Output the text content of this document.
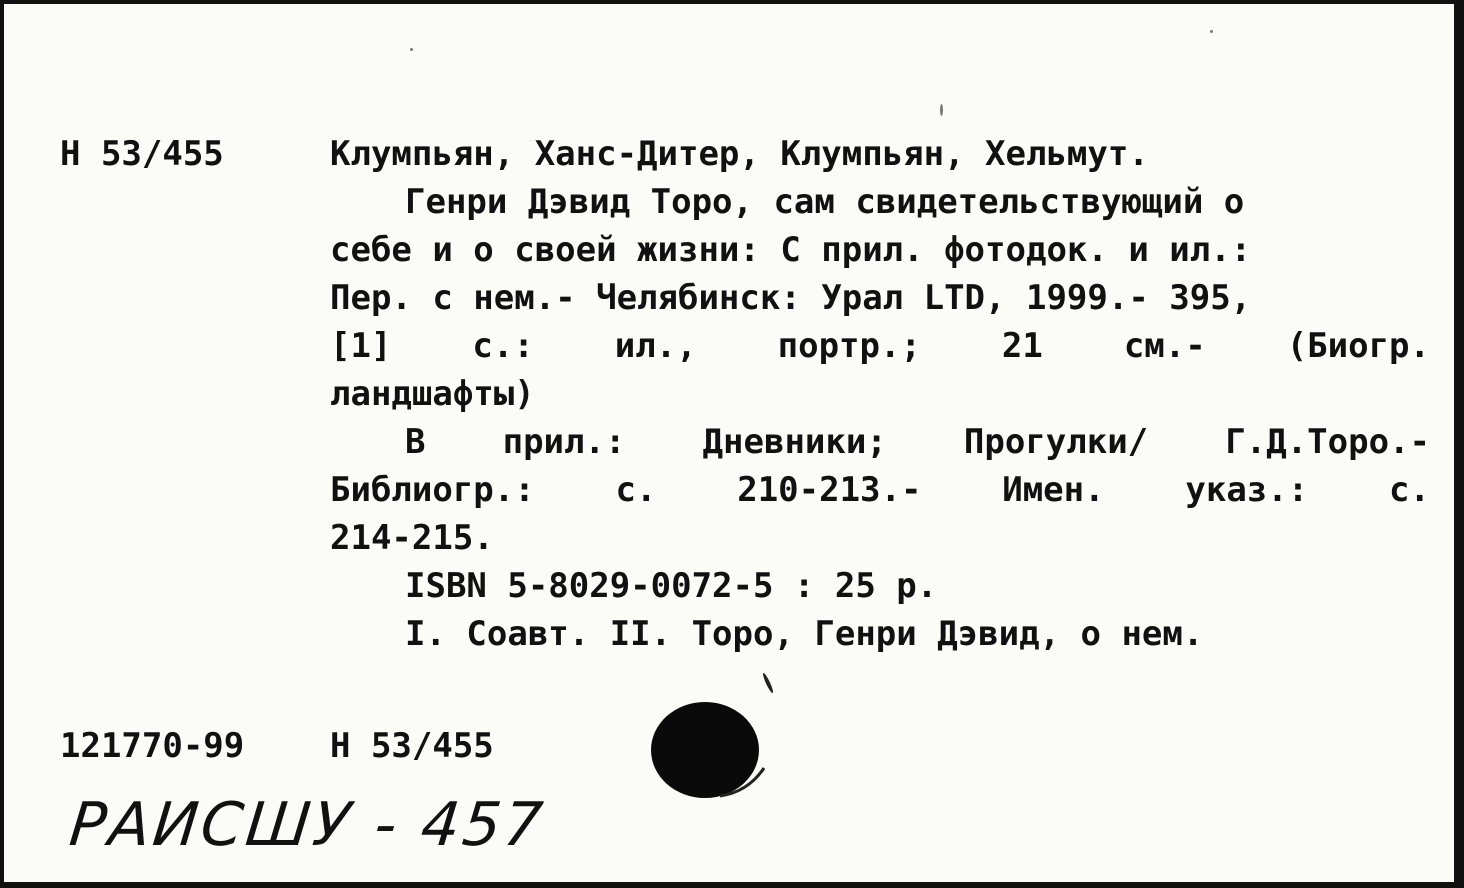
Н 53/455	Клумпьян, Ханс-Дитер, Клумпьян, Хельмут.
Генри Дэвид Торо, сам свидетельствующий о
себе и о своей жизни: С прил. фотодок. и ил.:
Пер. с нем.- Челябинск: Урал LTD, 1999.- 395,
[1] с.: ил., портр.; 21 см.- (Биогр.
ландшафты)
В прил.: Дневники; Прогулки/ Г.Д.Торо.-
Библиогр.: с. 210-213.- Имен. указ.: с.
214-215.
ISBN 5-8029-0072-5 : 25 р.
I. Соавт. II. Торо, Генри Дэвид, о нем.
121770-99	Н 53/455
РАИСШУ - 457
